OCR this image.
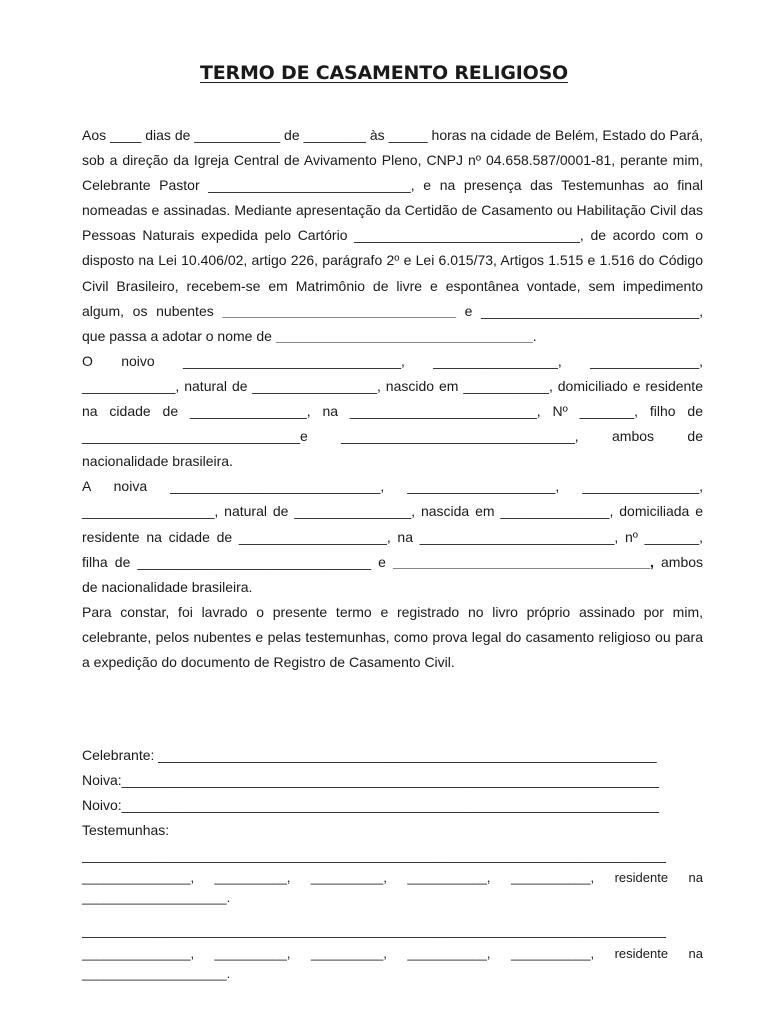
TERMO DE CASAMENTO RELIGIOSO

Aos ____ dias de ___________ de ________ às _____ horas na cidade de Belém, Estado do Pará, sob a direção da Igreja Central de Avivamento Pleno, CNPJ nº 04.658.587/0001-81, perante mim, Celebrante Pastor __________________________, e na presença das Testemunhas ao final nomeadas e assinadas. Mediante apresentação da Certidão de Casamento ou Habilitação Civil das Pessoas Naturais expedida pelo Cartório _____________________________, de acordo com o disposto na Lei 10.406/02, artigo 226, parágrafo 2º e Lei 6.015/73, Artigos 1.515 e 1.516 do Código Civil Brasileiro, recebem-se em Matrimônio de livre e espontânea vontade, sem impedimento algum, os nubentes ______________________________ e ____________________________, que passa a adotar o nome de _________________________________.

O noivo ____________________________, ________________, ______________, ____________, natural de ________________, nascido em ___________, domiciliado e residente na cidade de _______________, na ________________________, Nº _______, filho de ____________________________e ______________________________, ambos de nacionalidade brasileira.

A noiva ___________________________, ___________________, _______________, _________________, natural de _______________, nascida em ______________, domiciliada e residente na cidade de ___________________, na _________________________, nº _______, filha de ______________________________ e _________________________________, ambos de nacionalidade brasileira.

Para constar, foi lavrado o presente termo e registrado no livro próprio assinado por mim, celebrante, pelos nubentes e pelas testemunhas, como prova legal do casamento religioso ou para a expedição do documento de Registro de Casamento Civil.

Celebrante: ________________________________________________________________
Noiva:_____________________________________________________________________
Noivo:_____________________________________________________________________
Testemunhas:
___________________________________________________________________________
_______________, __________, __________, ___________, ___________, residente na ____________________.
___________________________________________________________________________
_______________, __________, __________, ___________, ___________, residente na ____________________.
